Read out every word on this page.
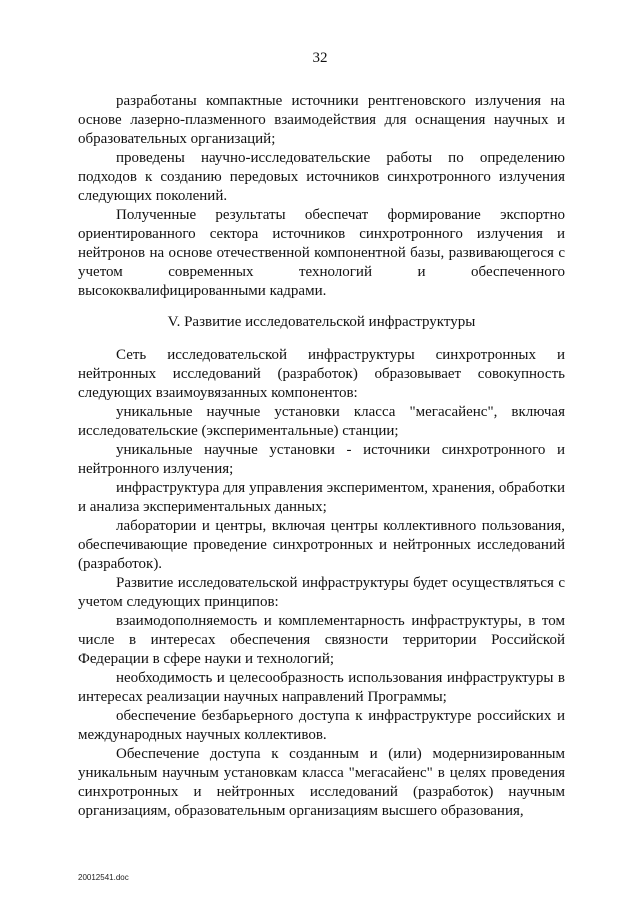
32

разработаны компактные источники рентгеновского излучения на основе лазерно-плазменного взаимодействия для оснащения научных и образовательных организаций;

проведены научно-исследовательские работы по определению подходов к созданию передовых источников синхротронного излучения следующих поколений.

Полученные результаты обеспечат формирование экспортно ориентированного сектора источников синхротронного излучения и нейтронов на основе отечественной компонентной базы, развивающегося с учетом современных технологий и обеспеченного высококвалифицированными кадрами.

V. Развитие исследовательской инфраструктуры

Сеть исследовательской инфраструктуры синхротронных и нейтронных исследований (разработок) образовывает совокупность следующих взаимоувязанных компонентов:

уникальные научные установки класса "мегасайенс", включая исследовательские (экспериментальные) станции;

уникальные научные установки - источники синхротронного и нейтронного излучения;

инфраструктура для управления экспериментом, хранения, обработки и анализа экспериментальных данных;

лаборатории и центры, включая центры коллективного пользования, обеспечивающие проведение синхротронных и нейтронных исследований (разработок).

Развитие исследовательской инфраструктуры будет осуществляться с учетом следующих принципов:

взаимодополняемость и комплементарность инфраструктуры, в том числе в интересах обеспечения связности территории Российской Федерации в сфере науки и технологий;

необходимость и целесообразность использования инфраструктуры в интересах реализации научных направлений Программы;

обеспечение безбарьерного доступа к инфраструктуре российских и международных научных коллективов.

Обеспечение доступа к созданным и (или) модернизированным уникальным научным установкам класса "мегасайенс" в целях проведения синхротронных и нейтронных исследований (разработок) научным организациям, образовательным организациям высшего образования,

20012541.doc
